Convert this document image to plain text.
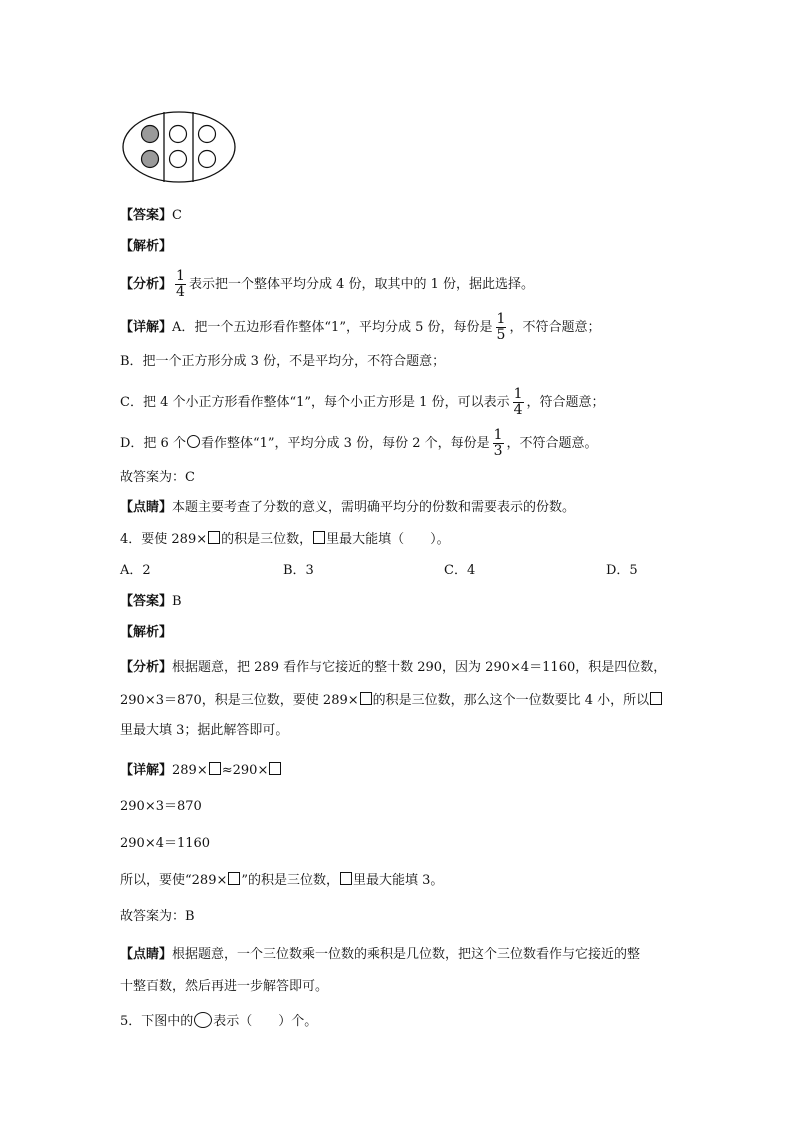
【答案】C
【解析】
【分析】 $\frac{1}{4}$ 表示把一个整体平均分成 4 份，取其中的 1 份，据此选择。
【详解】A．把一个五边形看作整体“1”，平均分成 5 份，每份是 $\frac{1}{5}$ ，不符合题意；
B．把一个正方形分成 3 份，不是平均分，不符合题意；
C．把 4 个小正方形看作整体“1”，每个小正方形是 1 份，可以表示 $\frac{1}{4}$ ，符合题意；
D．把 6 个 看作整体“1”，平均分成 3 份，每份 2 个，每份是 $\frac{1}{3}$ ，不符合题意。
故答案为：C
【点睛】本题主要考查了分数的意义，需明确平均分的份数和需要表示的份数。
4．要使 289× 的积是三位数， 里最大能填（　　）。
A．2	B．3	C．4	D．5
【答案】B
【解析】
【分析】根据题意，把 289 看作与它接近的整十数 290，因为 290×4＝1160，积是四位数，
290×3＝870，积是三位数，要使 289× 的积是三位数，那么这个一位数要比 4 小，所以
里最大填 3；据此解答即可。
【详解】289× ≈290×
290×3＝870
290×4＝1160
所以，要使“289× ”的积是三位数， 里最大能填 3。
故答案为：B
【点睛】根据题意，一个三位数乘一位数的乘积是几位数，把这个三位数看作与它接近的整
十整百数，然后再进一步解答即可。
5．下图中的 表示（　　）个。
